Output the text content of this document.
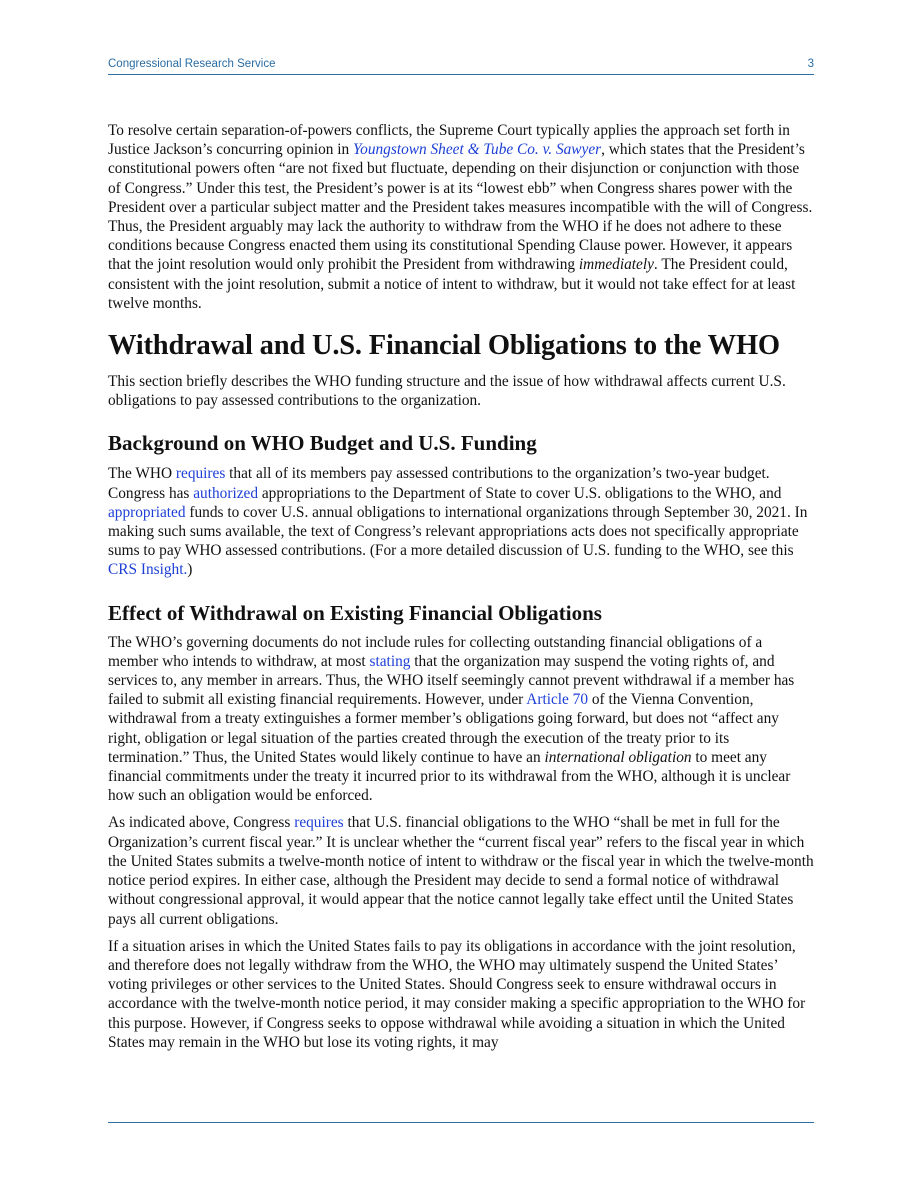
Congressional Research Service	3

To resolve certain separation-of-powers conflicts, the Supreme Court typically applies the approach set forth in Justice Jackson’s concurring opinion in Youngstown Sheet & Tube Co. v. Sawyer, which states that the President’s constitutional powers often “are not fixed but fluctuate, depending on their disjunction or conjunction with those of Congress.” Under this test, the President’s power is at its “lowest ebb” when Congress shares power with the President over a particular subject matter and the President takes measures incompatible with the will of Congress. Thus, the President arguably may lack the authority to withdraw from the WHO if he does not adhere to these conditions because Congress enacted them using its constitutional Spending Clause power. However, it appears that the joint resolution would only prohibit the President from withdrawing immediately. The President could, consistent with the joint resolution, submit a notice of intent to withdraw, but it would not take effect for at least twelve months.

Withdrawal and U.S. Financial Obligations to the WHO

This section briefly describes the WHO funding structure and the issue of how withdrawal affects current U.S. obligations to pay assessed contributions to the organization.

Background on WHO Budget and U.S. Funding

The WHO requires that all of its members pay assessed contributions to the organization’s two-year budget. Congress has authorized appropriations to the Department of State to cover U.S. obligations to the WHO, and appropriated funds to cover U.S. annual obligations to international organizations through September 30, 2021. In making such sums available, the text of Congress’s relevant appropriations acts does not specifically appropriate sums to pay WHO assessed contributions. (For a more detailed discussion of U.S. funding to the WHO, see this CRS Insight.)

Effect of Withdrawal on Existing Financial Obligations

The WHO’s governing documents do not include rules for collecting outstanding financial obligations of a member who intends to withdraw, at most stating that the organization may suspend the voting rights of, and services to, any member in arrears. Thus, the WHO itself seemingly cannot prevent withdrawal if a member has failed to submit all existing financial requirements. However, under Article 70 of the Vienna Convention, withdrawal from a treaty extinguishes a former member’s obligations going forward, but does not “affect any right, obligation or legal situation of the parties created through the execution of the treaty prior to its termination.” Thus, the United States would likely continue to have an international obligation to meet any financial commitments under the treaty it incurred prior to its withdrawal from the WHO, although it is unclear how such an obligation would be enforced.

As indicated above, Congress requires that U.S. financial obligations to the WHO “shall be met in full for the Organization’s current fiscal year.” It is unclear whether the “current fiscal year” refers to the fiscal year in which the United States submits a twelve-month notice of intent to withdraw or the fiscal year in which the twelve-month notice period expires. In either case, although the President may decide to send a formal notice of withdrawal without congressional approval, it would appear that the notice cannot legally take effect until the United States pays all current obligations.

If a situation arises in which the United States fails to pay its obligations in accordance with the joint resolution, and therefore does not legally withdraw from the WHO, the WHO may ultimately suspend the United States’ voting privileges or other services to the United States. Should Congress seek to ensure withdrawal occurs in accordance with the twelve-month notice period, it may consider making a specific appropriation to the WHO for this purpose. However, if Congress seeks to oppose withdrawal while avoiding a situation in which the United States may remain in the WHO but lose its voting rights, it may
